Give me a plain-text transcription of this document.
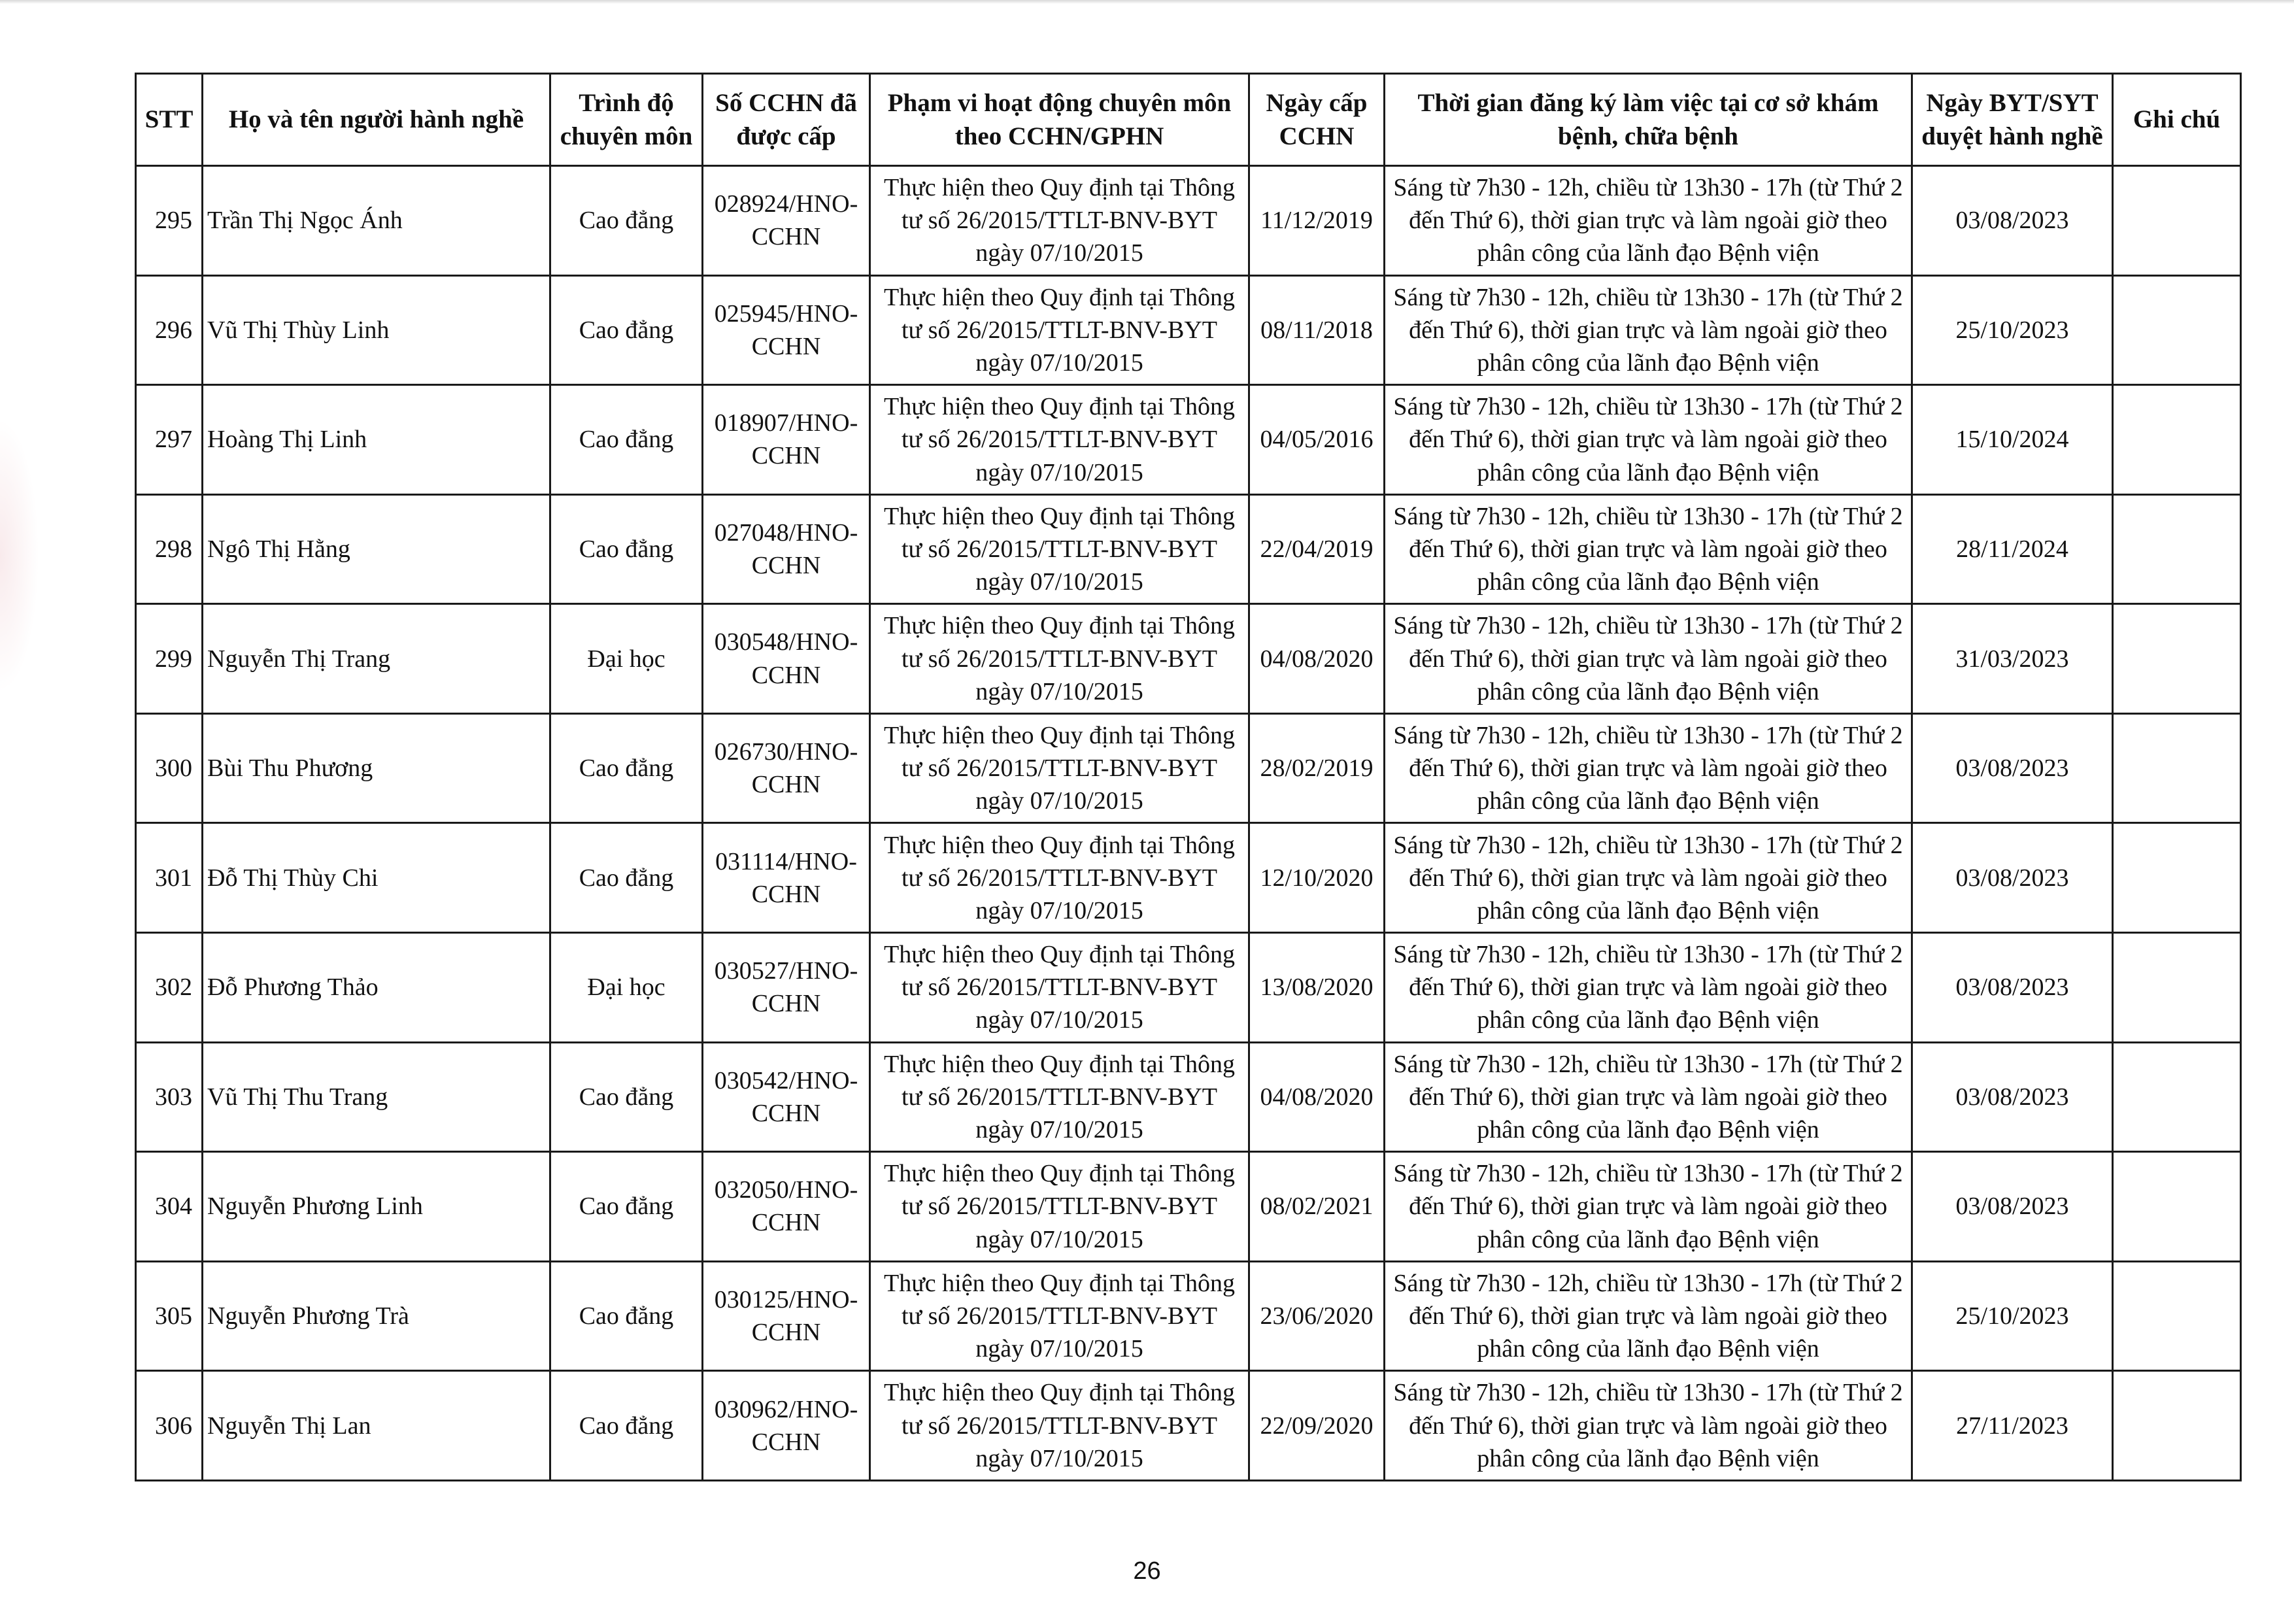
STT	Họ và tên người hành nghề	Trình độ chuyên môn	Số CCHN đã được cấp	Phạm vi hoạt động chuyên môn theo CCHN/GPHN	Ngày cấp CCHN	Thời gian đăng ký làm việc tại cơ sở khám bệnh, chữa bệnh	Ngày BYT/SYT duyệt hành nghề	Ghi chú
295	Trần Thị Ngọc Ánh	Cao đẳng	028924/HNO-CCHN	Thực hiện theo Quy định tại Thông tư số 26/2015/TTLT-BNV-BYT ngày 07/10/2015	11/12/2019	Sáng từ 7h30 - 12h, chiều từ 13h30 - 17h (từ Thứ 2 đến Thứ 6), thời gian trực và làm ngoài giờ theo phân công của lãnh đạo Bệnh viện	03/08/2023	
296	Vũ Thị Thùy Linh	Cao đẳng	025945/HNO-CCHN	Thực hiện theo Quy định tại Thông tư số 26/2015/TTLT-BNV-BYT ngày 07/10/2015	08/11/2018	Sáng từ 7h30 - 12h, chiều từ 13h30 - 17h (từ Thứ 2 đến Thứ 6), thời gian trực và làm ngoài giờ theo phân công của lãnh đạo Bệnh viện	25/10/2023	
297	Hoàng Thị Linh	Cao đẳng	018907/HNO-CCHN	Thực hiện theo Quy định tại Thông tư số 26/2015/TTLT-BNV-BYT ngày 07/10/2015	04/05/2016	Sáng từ 7h30 - 12h, chiều từ 13h30 - 17h (từ Thứ 2 đến Thứ 6), thời gian trực và làm ngoài giờ theo phân công của lãnh đạo Bệnh viện	15/10/2024	
298	Ngô Thị Hằng	Cao đẳng	027048/HNO-CCHN	Thực hiện theo Quy định tại Thông tư số 26/2015/TTLT-BNV-BYT ngày 07/10/2015	22/04/2019	Sáng từ 7h30 - 12h, chiều từ 13h30 - 17h (từ Thứ 2 đến Thứ 6), thời gian trực và làm ngoài giờ theo phân công của lãnh đạo Bệnh viện	28/11/2024	
299	Nguyễn Thị Trang	Đại học	030548/HNO-CCHN	Thực hiện theo Quy định tại Thông tư số 26/2015/TTLT-BNV-BYT ngày 07/10/2015	04/08/2020	Sáng từ 7h30 - 12h, chiều từ 13h30 - 17h (từ Thứ 2 đến Thứ 6), thời gian trực và làm ngoài giờ theo phân công của lãnh đạo Bệnh viện	31/03/2023	
300	Bùi Thu Phương	Cao đẳng	026730/HNO-CCHN	Thực hiện theo Quy định tại Thông tư số 26/2015/TTLT-BNV-BYT ngày 07/10/2015	28/02/2019	Sáng từ 7h30 - 12h, chiều từ 13h30 - 17h (từ Thứ 2 đến Thứ 6), thời gian trực và làm ngoài giờ theo phân công của lãnh đạo Bệnh viện	03/08/2023	
301	Đỗ Thị Thùy Chi	Cao đẳng	031114/HNO-CCHN	Thực hiện theo Quy định tại Thông tư số 26/2015/TTLT-BNV-BYT ngày 07/10/2015	12/10/2020	Sáng từ 7h30 - 12h, chiều từ 13h30 - 17h (từ Thứ 2 đến Thứ 6), thời gian trực và làm ngoài giờ theo phân công của lãnh đạo Bệnh viện	03/08/2023	
302	Đỗ Phương Thảo	Đại học	030527/HNO-CCHN	Thực hiện theo Quy định tại Thông tư số 26/2015/TTLT-BNV-BYT ngày 07/10/2015	13/08/2020	Sáng từ 7h30 - 12h, chiều từ 13h30 - 17h (từ Thứ 2 đến Thứ 6), thời gian trực và làm ngoài giờ theo phân công của lãnh đạo Bệnh viện	03/08/2023	
303	Vũ Thị Thu Trang	Cao đẳng	030542/HNO-CCHN	Thực hiện theo Quy định tại Thông tư số 26/2015/TTLT-BNV-BYT ngày 07/10/2015	04/08/2020	Sáng từ 7h30 - 12h, chiều từ 13h30 - 17h (từ Thứ 2 đến Thứ 6), thời gian trực và làm ngoài giờ theo phân công của lãnh đạo Bệnh viện	03/08/2023	
304	Nguyễn Phương Linh	Cao đẳng	032050/HNO-CCHN	Thực hiện theo Quy định tại Thông tư số 26/2015/TTLT-BNV-BYT ngày 07/10/2015	08/02/2021	Sáng từ 7h30 - 12h, chiều từ 13h30 - 17h (từ Thứ 2 đến Thứ 6), thời gian trực và làm ngoài giờ theo phân công của lãnh đạo Bệnh viện	03/08/2023	
305	Nguyễn Phương Trà	Cao đẳng	030125/HNO-CCHN	Thực hiện theo Quy định tại Thông tư số 26/2015/TTLT-BNV-BYT ngày 07/10/2015	23/06/2020	Sáng từ 7h30 - 12h, chiều từ 13h30 - 17h (từ Thứ 2 đến Thứ 6), thời gian trực và làm ngoài giờ theo phân công của lãnh đạo Bệnh viện	25/10/2023	
306	Nguyễn Thị Lan	Cao đẳng	030962/HNO-CCHN	Thực hiện theo Quy định tại Thông tư số 26/2015/TTLT-BNV-BYT ngày 07/10/2015	22/09/2020	Sáng từ 7h30 - 12h, chiều từ 13h30 - 17h (từ Thứ 2 đến Thứ 6), thời gian trực và làm ngoài giờ theo phân công của lãnh đạo Bệnh viện	27/11/2023	
26
